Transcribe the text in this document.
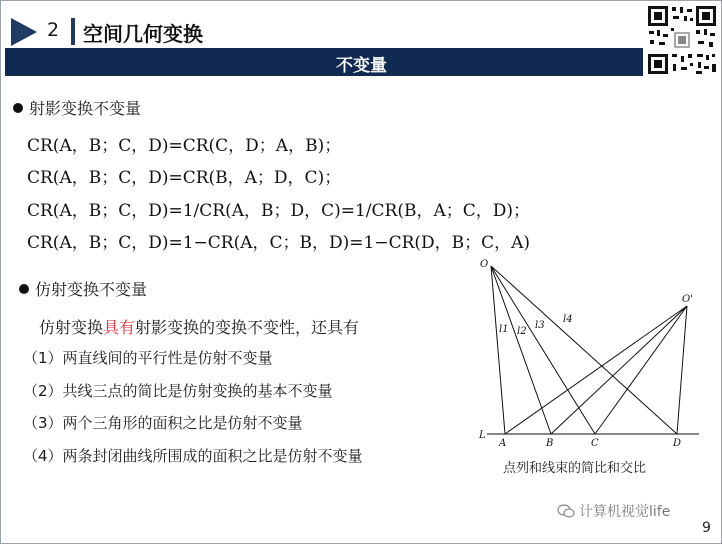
2 空间几何变换
不变量
射影变换不变量
CR(A，B；C，D)=CR(C，D；A，B)；
CR(A，B；C，D)=CR(B，A；D，C)；
CR(A，B；C，D)=1/CR(A，B；D，C)=1/CR(B，A；C，D)；
CR(A，B；C，D)=1−CR(A，C；B，D)=1−CR(D，B；C，A)
仿射变换不变量
仿射变换具有射影变换的变换不变性，还具有
（1）两直线间的平行性是仿射不变量
（2）共线三点的简比是仿射变换的基本不变量
（3）两个三角形的面积之比是仿射不变量
（4）两条封闭曲线所围成的面积之比是仿射不变量
O
O'
L
A	B	C	D
l1 l2
l3
l4
点列和线束的简比和交比
计算机视觉life
9
